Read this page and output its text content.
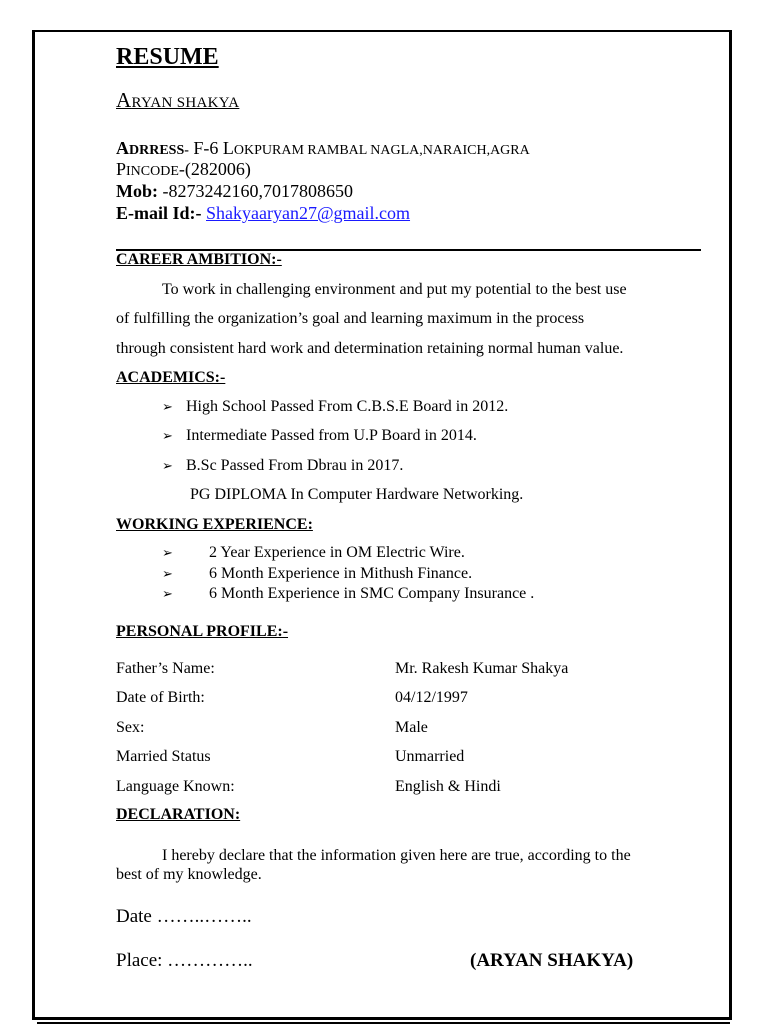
RESUME
ARYAN SHAKYA
ADRRESS- F-6 LOKPURAM RAMBAL NAGLA,NARAICH,AGRA
PINCODE-(282006)
Mob: -8273242160,7017808650
E-mail Id:- Shakyaaryan27@gmail.com
CAREER AMBITION:-
To work in challenging environment and put my potential to the best use
of fulfilling the organization’s goal and learning maximum in the process
through consistent hard work and determination retaining normal human value.
ACADEMICS:-
➢ High School Passed From C.B.S.E Board in 2012.
➢ Intermediate Passed from U.P Board in 2014.
➢ B.Sc Passed From Dbrau in 2017.
PG DIPLOMA In Computer Hardware Networking.
WORKING EXPERIENCE:
➢ 2 Year Experience in OM Electric Wire.
➢ 6 Month Experience in Mithush Finance.
➢ 6 Month Experience in SMC Company Insurance .
PERSONAL PROFILE:-
Father’s Name:	Mr. Rakesh Kumar Shakya
Date of Birth:	04/12/1997
Sex:	Male
Married Status	Unmarried
Language Known:	English & Hindi
DECLARATION:
I hereby declare that the information given here are true, according to the
best of my knowledge.
Date ……..……..
Place: …………..	(ARYAN SHAKYA)
